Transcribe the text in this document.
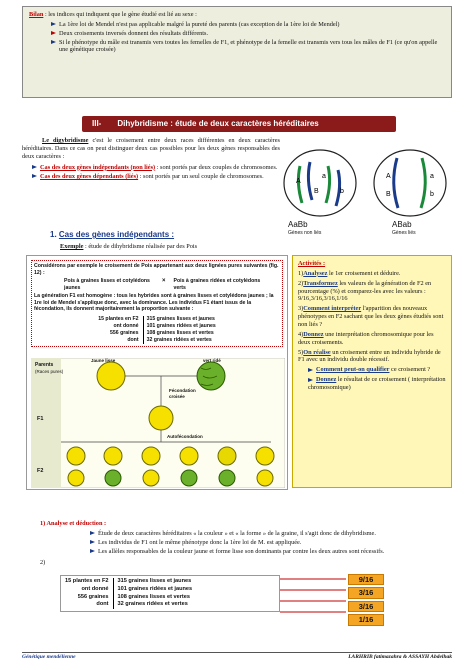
Bilan : les indices qui indiquent que le gène étudié est lié au sexe :
La 1ère loi de Mendel n'est pas applicable malgré la pureté des parents (cas exception de la 1ère loi de Mendel)
Deux croisements inversés donnent des résultats différents.
Si le phénotype du mâle est transmis vers toutes les femelles de F1, et phénotype de la femelle est transmis vers tous les mâles de F1 (ce qu'on appelle une génétique croisée)
III- Dihybridisme : étude de deux caractères héréditaires
Le digybridisme c'est le croisement entre deux races différentes en deux caractères héréditaires. Dans ce cas on peut distinguer deux cas possibles pour les deux gènes responsables des deux caractères :
Cas des deux gènes indépendants (non liés) : sont portés par deux couples de chromosomes.
Cas des deux gènes dépendants (liés) : sont portés par un seul couple de chromosomes.
A
B
a
b
A
B
a
b
AaBb
Gènes non liés
ABab
Gènes liés
1. Cas des gènes indépendants :
Exemple : étude de dihybridisme réalisée par des Pois
Considérons par exemple le croisement de Pois appartenant aux deux lignées pures suivantes (fig. 12) :
Pois à graines lisses et cotylédons jaunes
× Pois à graines ridées et cotylédons verts
La génération F1 est homogène : tous les hybrides sont à graines lisses et cotylédons jaunes ; la 1re loi de Mendel s'applique donc, avec la dominance. Les individus F1 étant issus de la fécondation, ils donnent majoritairement la proportion suivante :
15 plantes en F2
ont donné
556 graines
dont
315 graines lisses et jaunes
101 graines ridées et jaunes
108 graines lisses et vertes
32 graines ridées et vertes
Parents
(Races pures)
Jaune lisse	vert ridé
Fécondation croisée
Autofécondation
F1
F2
Activités :

1)Analysez le 1er croisement et déduire.

2)Transformez les valeurs de la génération de F2 en pourcentage (%) et comparez-les avec les valeurs : 9/16,3/16,3/16,1/16

3)Comment interpréter l'apparition des nouveaux phénotypes en F2 sachant que les deux gènes étudiés sont non liés ?

4)Donnez une interprétation chromosomique pour les deux croisements.

5)On réalise un croisement entre un individu hybride de F1 avec un individu double récessif.

Comment peut-on qualifier ce croisement ?

Donnez le résultat de ce croisement ( interprétation chromosomique)

1) Analyse et déduction :
Étude de deux caractères héréditaires « la couleur » et « la forme » de la graine, il s'agit donc de dihybridisme.
Les individus de F1 ont le même phénotype donc la 1ère loi de M. est appliquée.
Les allèles responsables de la couleur jaune et forme lisse son dominants par contre les deux autres sont récessifs.
2)
15 plantes en F2
ont donné
556 graines
dont
315 graines lisses et jaunes
101 graines ridées et jaunes
108 graines lisses et vertes
32 graines ridées et vertes
9/16
3/16
3/16
1/16
Génétique mendélienne	LARHRIB fatimazahra & ASSAYH Abdelhak
